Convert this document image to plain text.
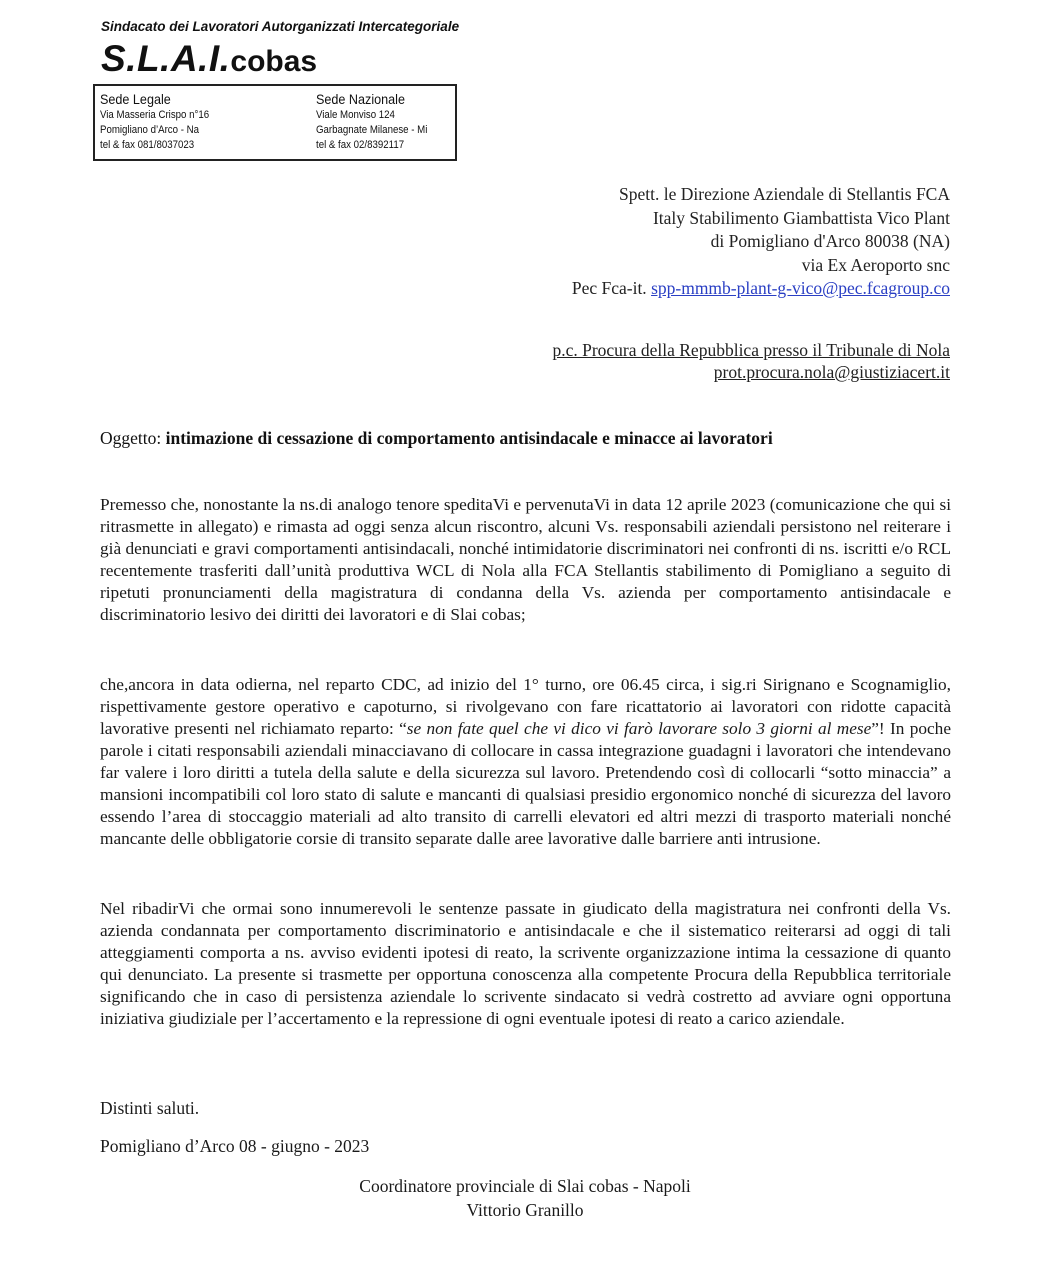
Sindacato dei Lavoratori Autorganizzati Intercategoriale
S.L.A.I.cobas
Sede Legale
Via Masseria Crispo n°16
Pomigliano d’Arco - Na
tel & fax 081/8037023
Sede Nazionale
Viale Monviso 124
Garbagnate Milanese - Mi
tel & fax 02/8392117
Spett. le Direzione Aziendale di Stellantis FCA
Italy Stabilimento Giambattista Vico Plant
di Pomigliano d'Arco 80038 (NA)
via Ex Aeroporto snc
Pec Fca-it. spp-mmmb-plant-g-vico@pec.fcagroup.co
p.c. Procura della Repubblica presso il Tribunale di Nola
prot.procura.nola@giustiziacert.it
Oggetto: intimazione di cessazione di comportamento antisindacale e minacce ai lavoratori
Premesso che, nonostante la ns.di analogo tenore speditaVi e pervenutaVi in data 12 aprile 2023 (comunicazione che qui si ritrasmette in allegato) e rimasta ad oggi senza alcun riscontro, alcuni Vs. responsabili aziendali persistono nel reiterare i già denunciati e gravi comportamenti antisindacali, nonché intimidatorie discriminatori nei confronti di ns. iscritti e/o RCL recentemente trasferiti dall’unità produttiva WCL di Nola alla FCA Stellantis stabilimento di Pomigliano a seguito di ripetuti pronunciamenti della magistratura di condanna della Vs. azienda per comportamento antisindacale e discriminatorio lesivo dei diritti dei lavoratori e di Slai cobas;
che,ancora in data odierna, nel reparto CDC, ad inizio del 1° turno, ore 06.45 circa, i sig.ri Sirignano e Scognamiglio, rispettivamente gestore operativo e capoturno, si rivolgevano con fare ricattatorio ai lavoratori con ridotte capacità lavorative presenti nel richiamato reparto: “se non fate quel che vi dico vi farò lavorare solo 3 giorni al mese”! In poche parole i citati responsabili aziendali minacciavano di collocare in cassa integrazione guadagni i lavoratori che intendevano far valere i loro diritti a tutela della salute e della sicurezza sul lavoro. Pretendendo così di collocarli “sotto minaccia” a mansioni incompatibili col loro stato di salute e mancanti di qualsiasi presidio ergonomico nonché di sicurezza del lavoro essendo l’area di stoccaggio materiali ad alto transito di carrelli elevatori ed altri mezzi di trasporto materiali nonché mancante delle obbligatorie corsie di transito separate dalle aree lavorative dalle barriere anti intrusione.
Nel ribadirVi che ormai sono innumerevoli le sentenze passate in giudicato della magistratura nei confronti della Vs. azienda condannata per comportamento discriminatorio e antisindacale e che il sistematico reiterarsi ad oggi di tali atteggiamenti comporta a ns. avviso evidenti ipotesi di reato, la scrivente organizzazione intima la cessazione di quanto qui denunciato. La presente si trasmette per opportuna conoscenza alla competente Procura della Repubblica territoriale significando che in caso di persistenza aziendale lo scrivente sindacato si vedrà costretto ad avviare ogni opportuna iniziativa giudiziale per l’accertamento e la repressione di ogni eventuale ipotesi di reato a carico aziendale.
Distinti saluti.
Pomigliano d’Arco 08 - giugno - 2023
Coordinatore provinciale di Slai cobas - Napoli
Vittorio Granillo
